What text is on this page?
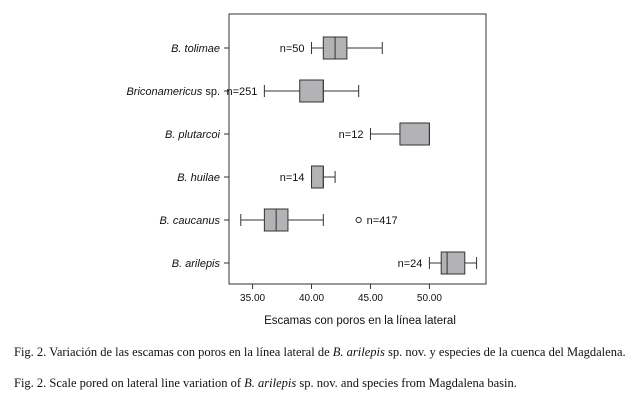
B. tolimae	n=50
Briconamericus sp. n=251
B. plutarcoi	n=12
B. huilae	n=14
B. caucanus	n=417
B. arilepis	n=24
35.00	40.00	45.00	50.00
Escamas con poros en la línea lateral
Fig. 2. Variación de las escamas con poros en la línea lateral de B. arilepis sp. nov. y especies de la cuenca del Magdalena.
Fig. 2. Scale pored on lateral line variation of B. arilepis sp. nov. and species from Magdalena basin.
